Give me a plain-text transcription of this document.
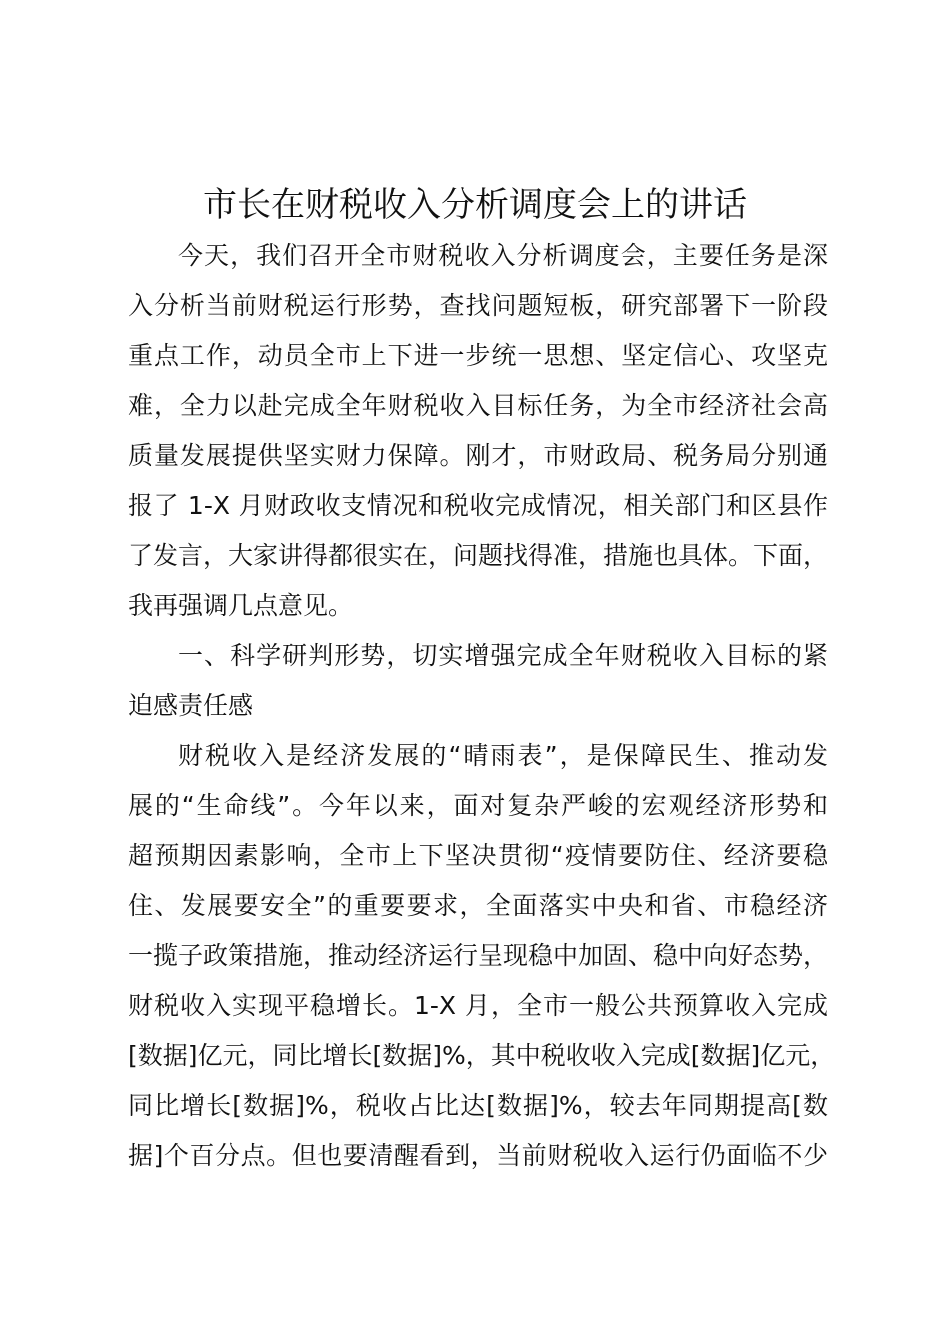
市长在财税收入分析调度会上的讲话
今天，我们召开全市财税收入分析调度会，主要任务是深
入分析当前财税运行形势，查找问题短板，研究部署下一阶段
重点工作，动员全市上下进一步统一思想、坚定信心、攻坚克
难，全力以赴完成全年财税收入目标任务，为全市经济社会高
质量发展提供坚实财力保障。刚才，市财政局、税务局分别通
报了 1-X 月财政收支情况和税收完成情况，相关部门和区县作
了发言，大家讲得都很实在，问题找得准，措施也具体。下面，
我再强调几点意见。
一、科学研判形势，切实增强完成全年财税收入目标的紧
迫感责任感
财税收入是经济发展的“晴雨表”，是保障民生、推动发
展的“生命线”。今年以来，面对复杂严峻的宏观经济形势和
超预期因素影响，全市上下坚决贯彻“疫情要防住、经济要稳
住、发展要安全”的重要要求，全面落实中央和省、市稳经济
一揽子政策措施，推动经济运行呈现稳中加固、稳中向好态势，
财税收入实现平稳增长。1-X 月，全市一般公共预算收入完成
[数据]亿元，同比增长[数据]%，其中税收收入完成[数据]亿元，
同比增长[数据]%，税收占比达[数据]%，较去年同期提高[数
据]个百分点。但也要清醒看到，当前财税收入运行仍面临不少
